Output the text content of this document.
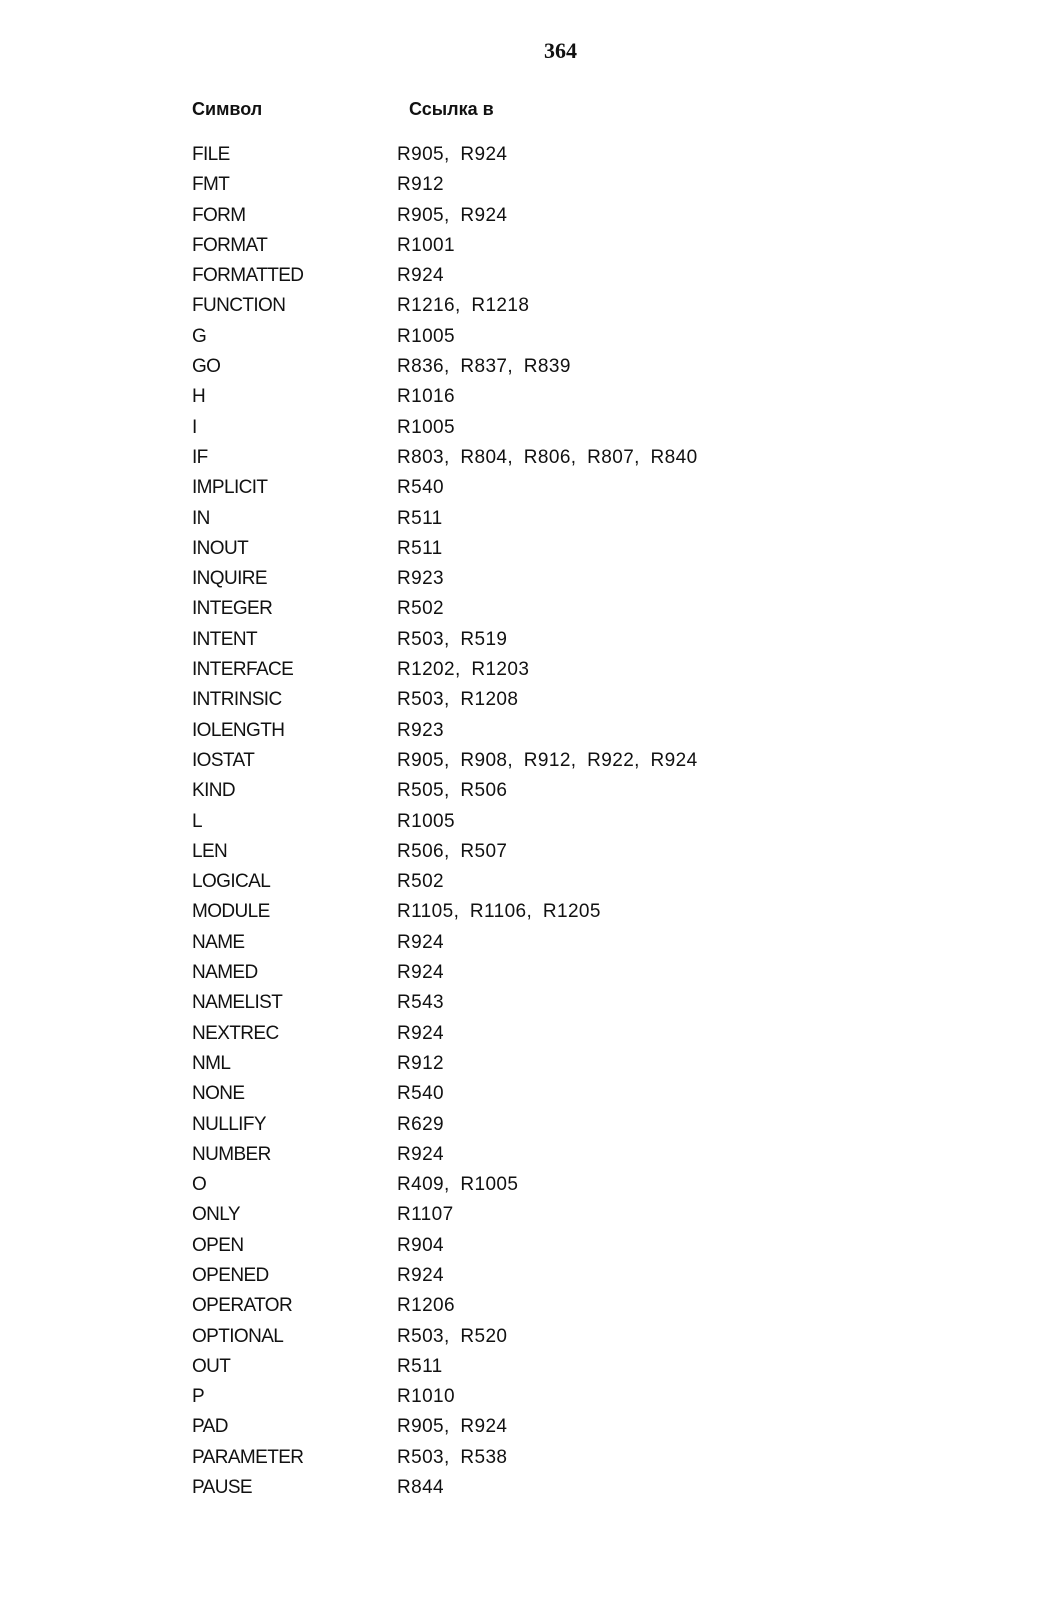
364
Символ	Ссылка в
FILE	R905, R924
FMT	R912
FORM	R905, R924
FORMAT	R1001
FORMATTED	R924
FUNCTION	R1216, R1218
G	R1005
GO	R836, R837, R839
H	R1016
I	R1005
IF	R803, R804, R806, R807, R840
IMPLICIT	R540
IN	R511
INOUT	R511
INQUIRE	R923
INTEGER	R502
INTENT	R503, R519
INTERFACE	R1202, R1203
INTRINSIC	R503, R1208
IOLENGTH	R923
IOSTAT	R905, R908, R912, R922, R924
KIND	R505, R506
L	R1005
LEN	R506, R507
LOGICAL	R502
MODULE	R1105, R1106, R1205
NAME	R924
NAMED	R924
NAMELIST	R543
NEXTREC	R924
NML	R912
NONE	R540
NULLIFY	R629
NUMBER	R924
O	R409, R1005
ONLY	R1107
OPEN	R904
OPENED	R924
OPERATOR	R1206
OPTIONAL	R503, R520
OUT	R511
P	R1010
PAD	R905, R924
PARAMETER	R503, R538
PAUSE	R844
